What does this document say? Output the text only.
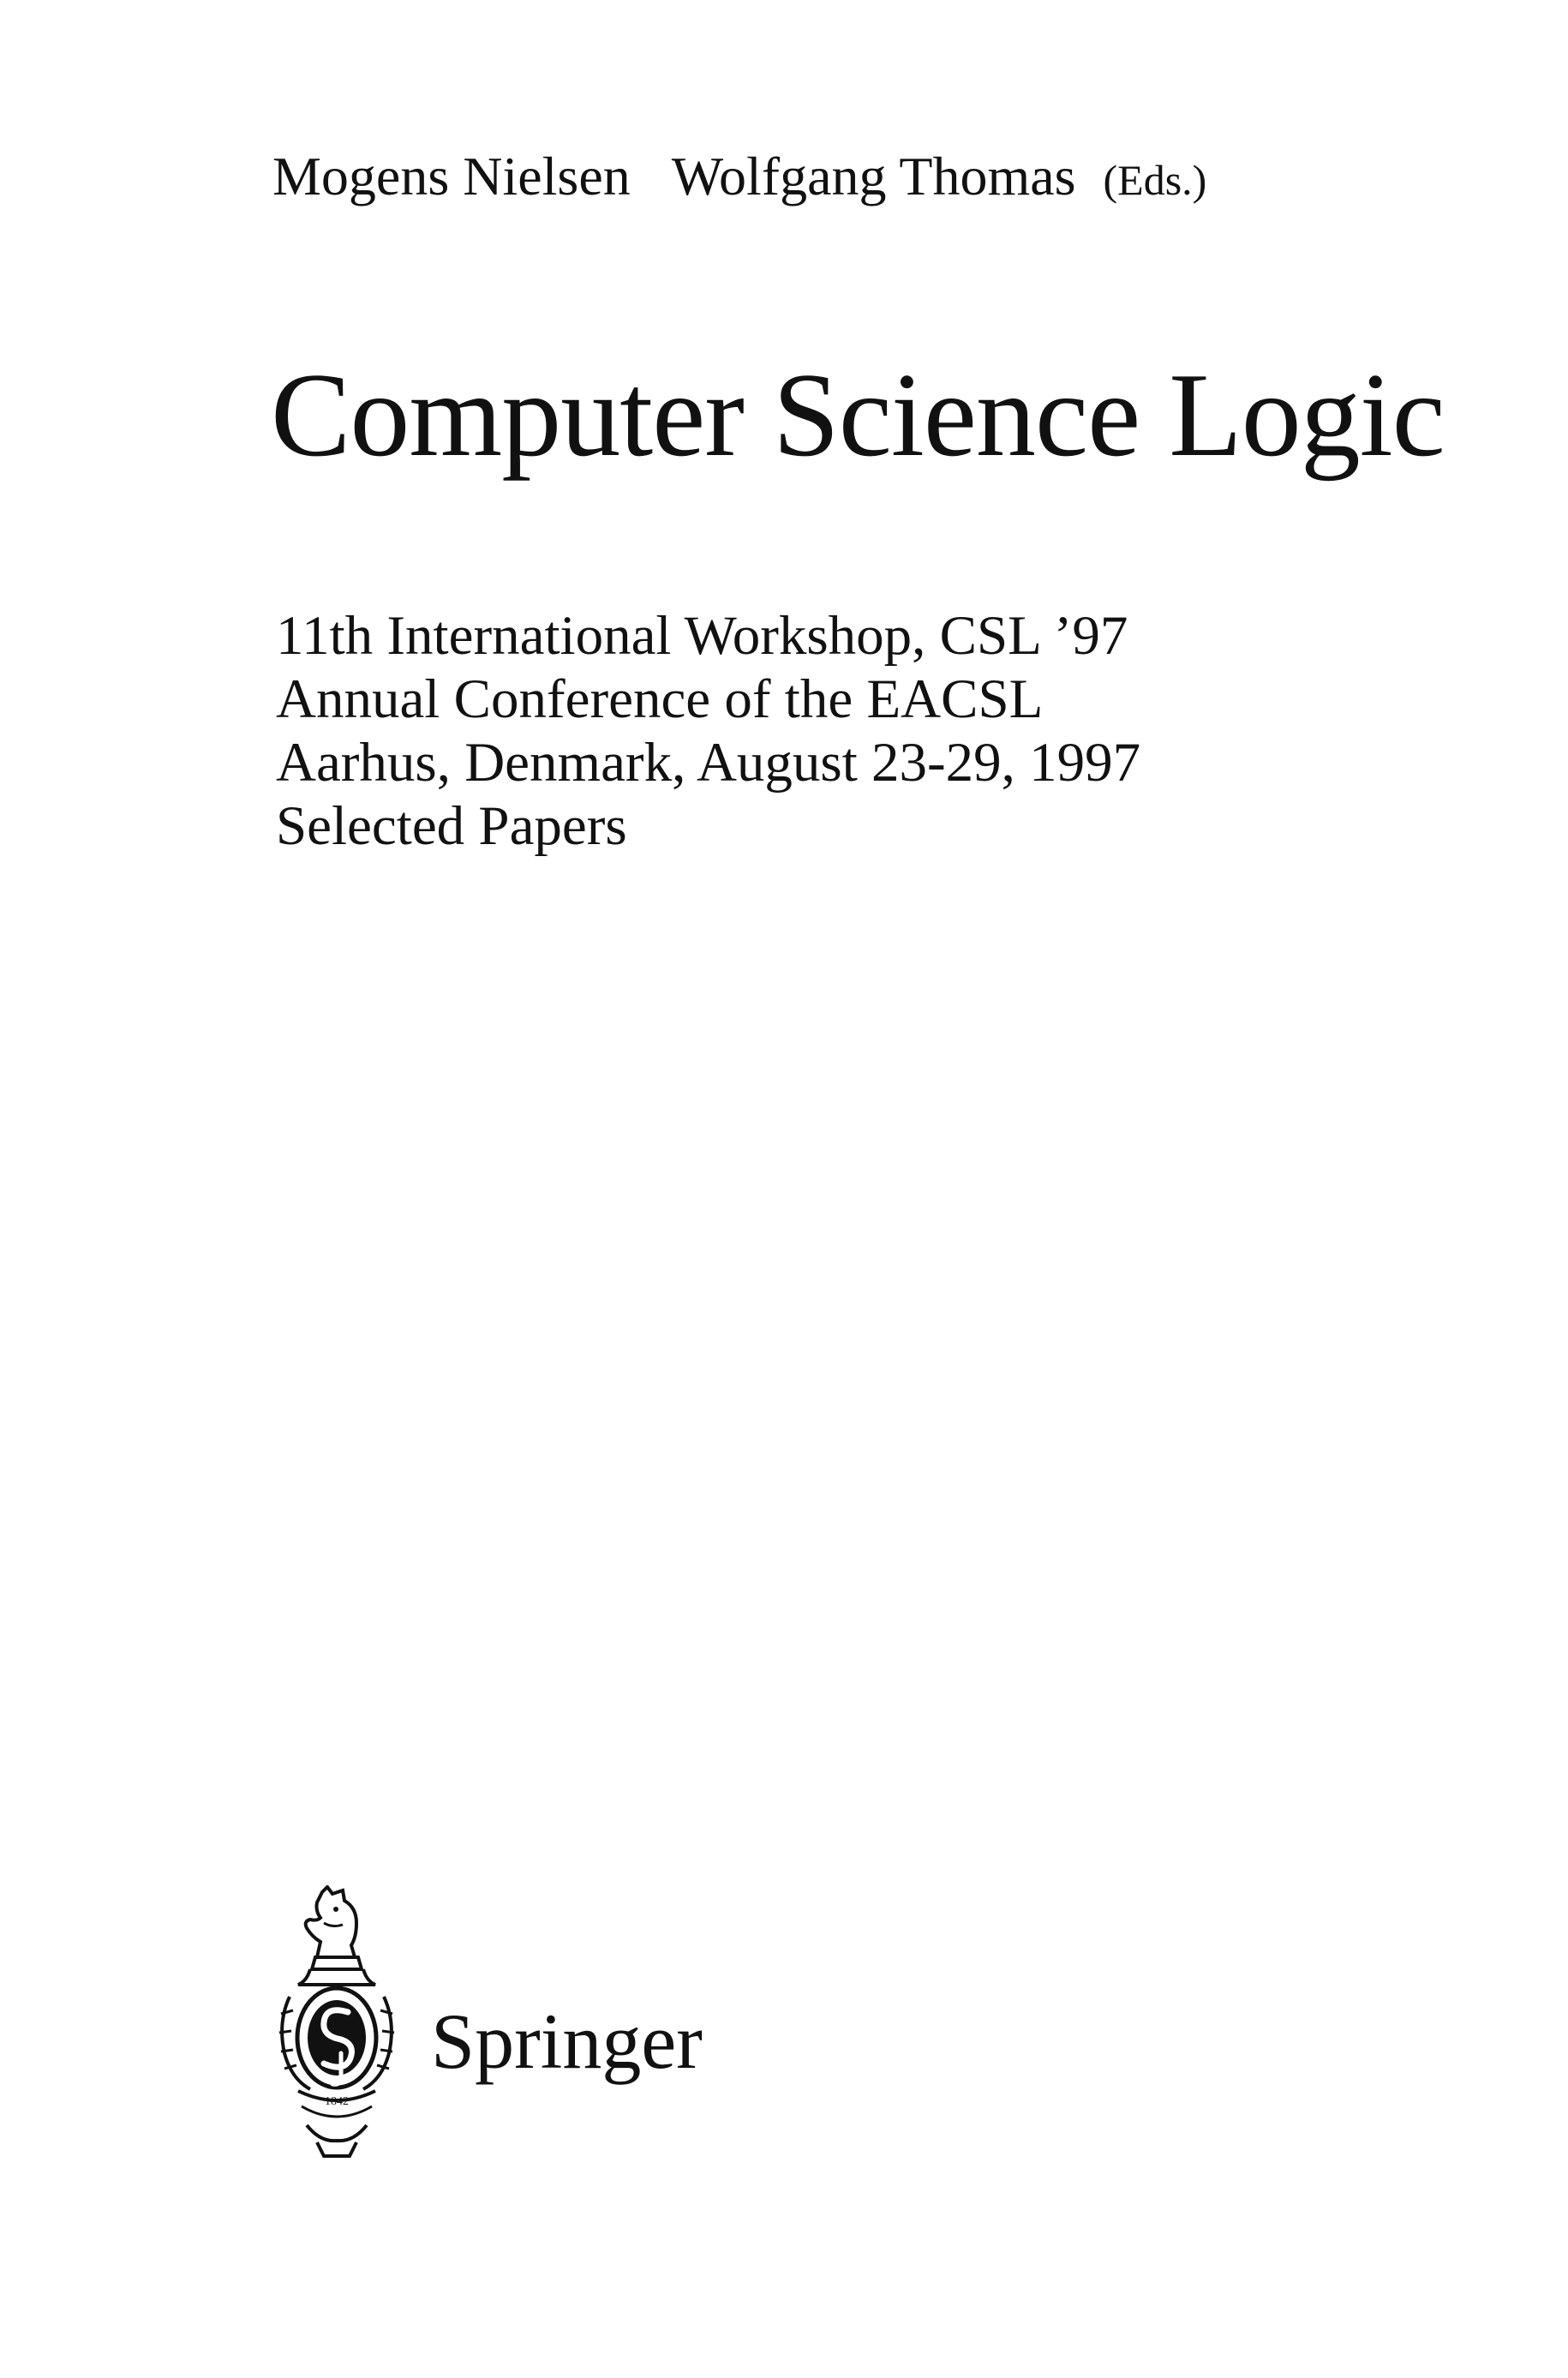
Mogens Nielsen Wolfgang Thomas (Eds.)
Computer Science Logic
11th International Workshop, CSL ’97
Annual Conference of the EACSL
Aarhus, Denmark, August 23-29, 1997
Selected Papers
1842
Springer
